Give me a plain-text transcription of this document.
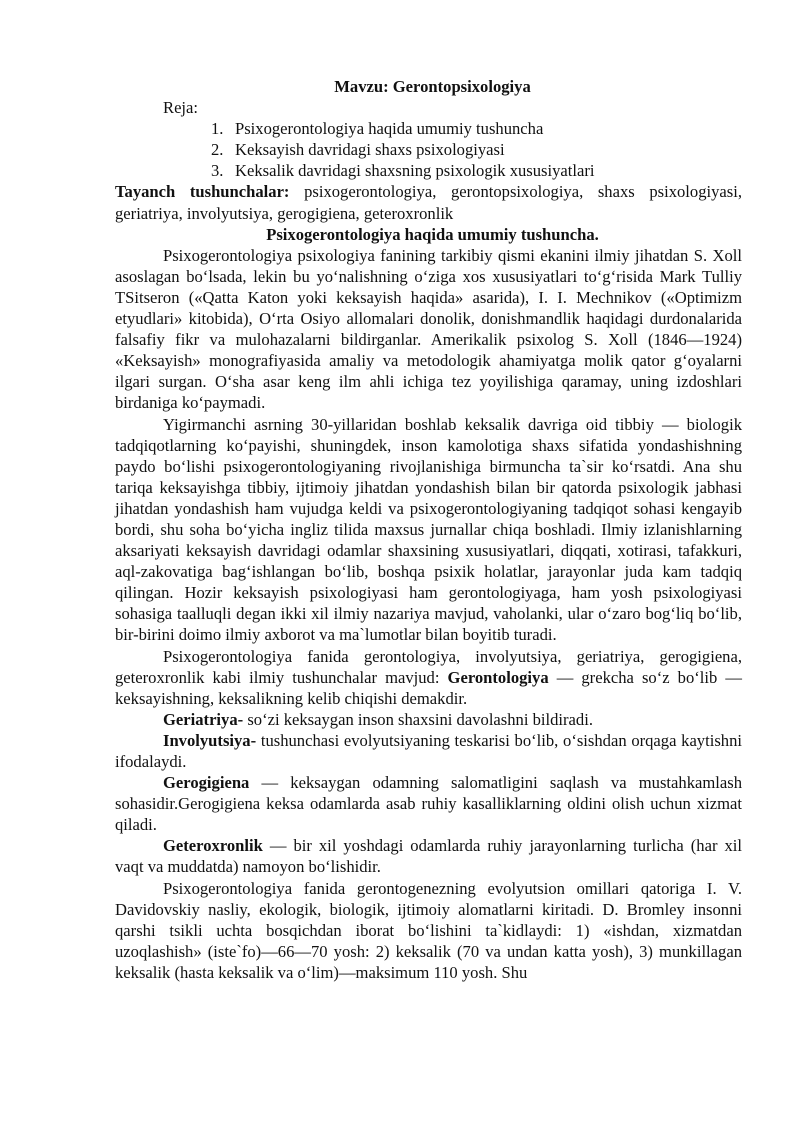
Mavzu: Gerontopsixologiya
Reja:
1. Psixogerontologiya haqida umumiy tushuncha
2. Keksayish davridagi shaxs psixologiyasi
3. Keksalik davridagi shaxsning psixologik xususiyatlari

Tayanch tushunchalar: psixogerontologiya, gerontopsixologiya, shaxs psixologiyasi, geriatriya, involyutsiya, gerogigiena, geteroxronlik

Psixogerontologiya haqida umumiy tushuncha.

Psixogerontologiya psixologiya fanining tarkibiy qismi ekanini ilmiy jihatdan S. Xoll asoslagan bo‘lsada, lekin bu yo‘nalishning o‘ziga xos xususiyatlari to‘g‘risida Mark Tulliy TSitseron («Qatta Katon yoki keksayish haqida» asarida), I. I. Mechnikov («Optimizm etyudlari» kitobida), O‘rta Osiyo allomalari donolik, donishmandlik haqidagi durdonalarida falsafiy fikr va mulohazalarni bildirganlar. Amerikalik psixolog S. Xoll (1846—1924) «Keksayish» monografiyasida amaliy va metodologik ahamiyatga molik qator g‘oyalarni ilgari surgan. O‘sha asar keng ilm ahli ichiga tez yoyilishiga qaramay, uning izdoshlari birdaniga ko‘paymadi.

Yigirmanchi asrning 30-yillaridan boshlab keksalik davriga oid tibbiy — biologik tadqiqotlarning ko‘payishi, shuningdek, inson kamolotiga shaxs sifatida yondashishning paydo bo‘lishi psixogerontologiyaning rivojlanishiga birmuncha ta`sir ko‘rsatdi. Ana shu tariqa keksayishga tibbiy, ijtimoiy jihatdan yondashish bilan bir qatorda psixologik jabhasi jihatdan yondashish ham vujudga keldi va psixogerontologiyaning tadqiqot sohasi kengayib bordi, shu soha bo‘yicha ingliz tilida maxsus jurnallar chiqa boshladi. Ilmiy izlanishlarning aksariyati keksayish davridagi odamlar shaxsining xususiyatlari, diqqati, xotirasi, tafakkuri, aql-zakovatiga bag‘ishlangan bo‘lib, boshqa psixik holatlar, jarayonlar juda kam tadqiq qilingan. Hozir keksayish psixologiyasi ham gerontologiyaga, ham yosh psixologiyasi sohasiga taalluqli degan ikki xil ilmiy nazariya mavjud, vaholanki, ular o‘zaro bog‘liq bo‘lib, bir-birini doimo ilmiy axborot va ma`lumotlar bilan boyitib turadi.

Psixogerontologiya fanida gerontologiya, involyutsiya, geriatriya, gerogigiena, geteroxronlik kabi ilmiy tushunchalar mavjud: Gerontologiya — grekcha so‘z bo‘lib — keksayishning, keksalikning kelib chiqishi demakdir.

Geriatriya- so‘zi keksaygan inson shaxsini davolashni bildiradi.

Involyutsiya- tushunchasi evolyutsiyaning teskarisi bo‘lib, o‘sishdan orqaga kaytishni ifodalaydi.

Gerogigiena — keksaygan odamning salomatligini saqlash va mustahkamlash sohasidir.Gerogigiena keksa odamlarda asab ruhiy kasalliklarning oldini olish uchun xizmat qiladi.

Geteroxronlik — bir xil yoshdagi odamlarda ruhiy jarayonlarning turlicha (har xil vaqt va muddatda) namoyon bo‘lishidir.

Psixogerontologiya fanida gerontogenezning evolyutsion omillari qatoriga I. V. Davidovskiy nasliy, ekologik, biologik, ijtimoiy alomatlarni kiritadi. D. Bromley insonni qarshi tsikli uchta bosqichdan iborat bo‘lishini ta`kidlaydi: 1) «ishdan, xizmatdan uzoqlashish» (iste`fo)—66—70 yosh: 2) keksalik (70 va undan katta yosh), 3) munkillagan keksalik (hasta keksalik va o‘lim)—maksimum 110 yosh. Shu
